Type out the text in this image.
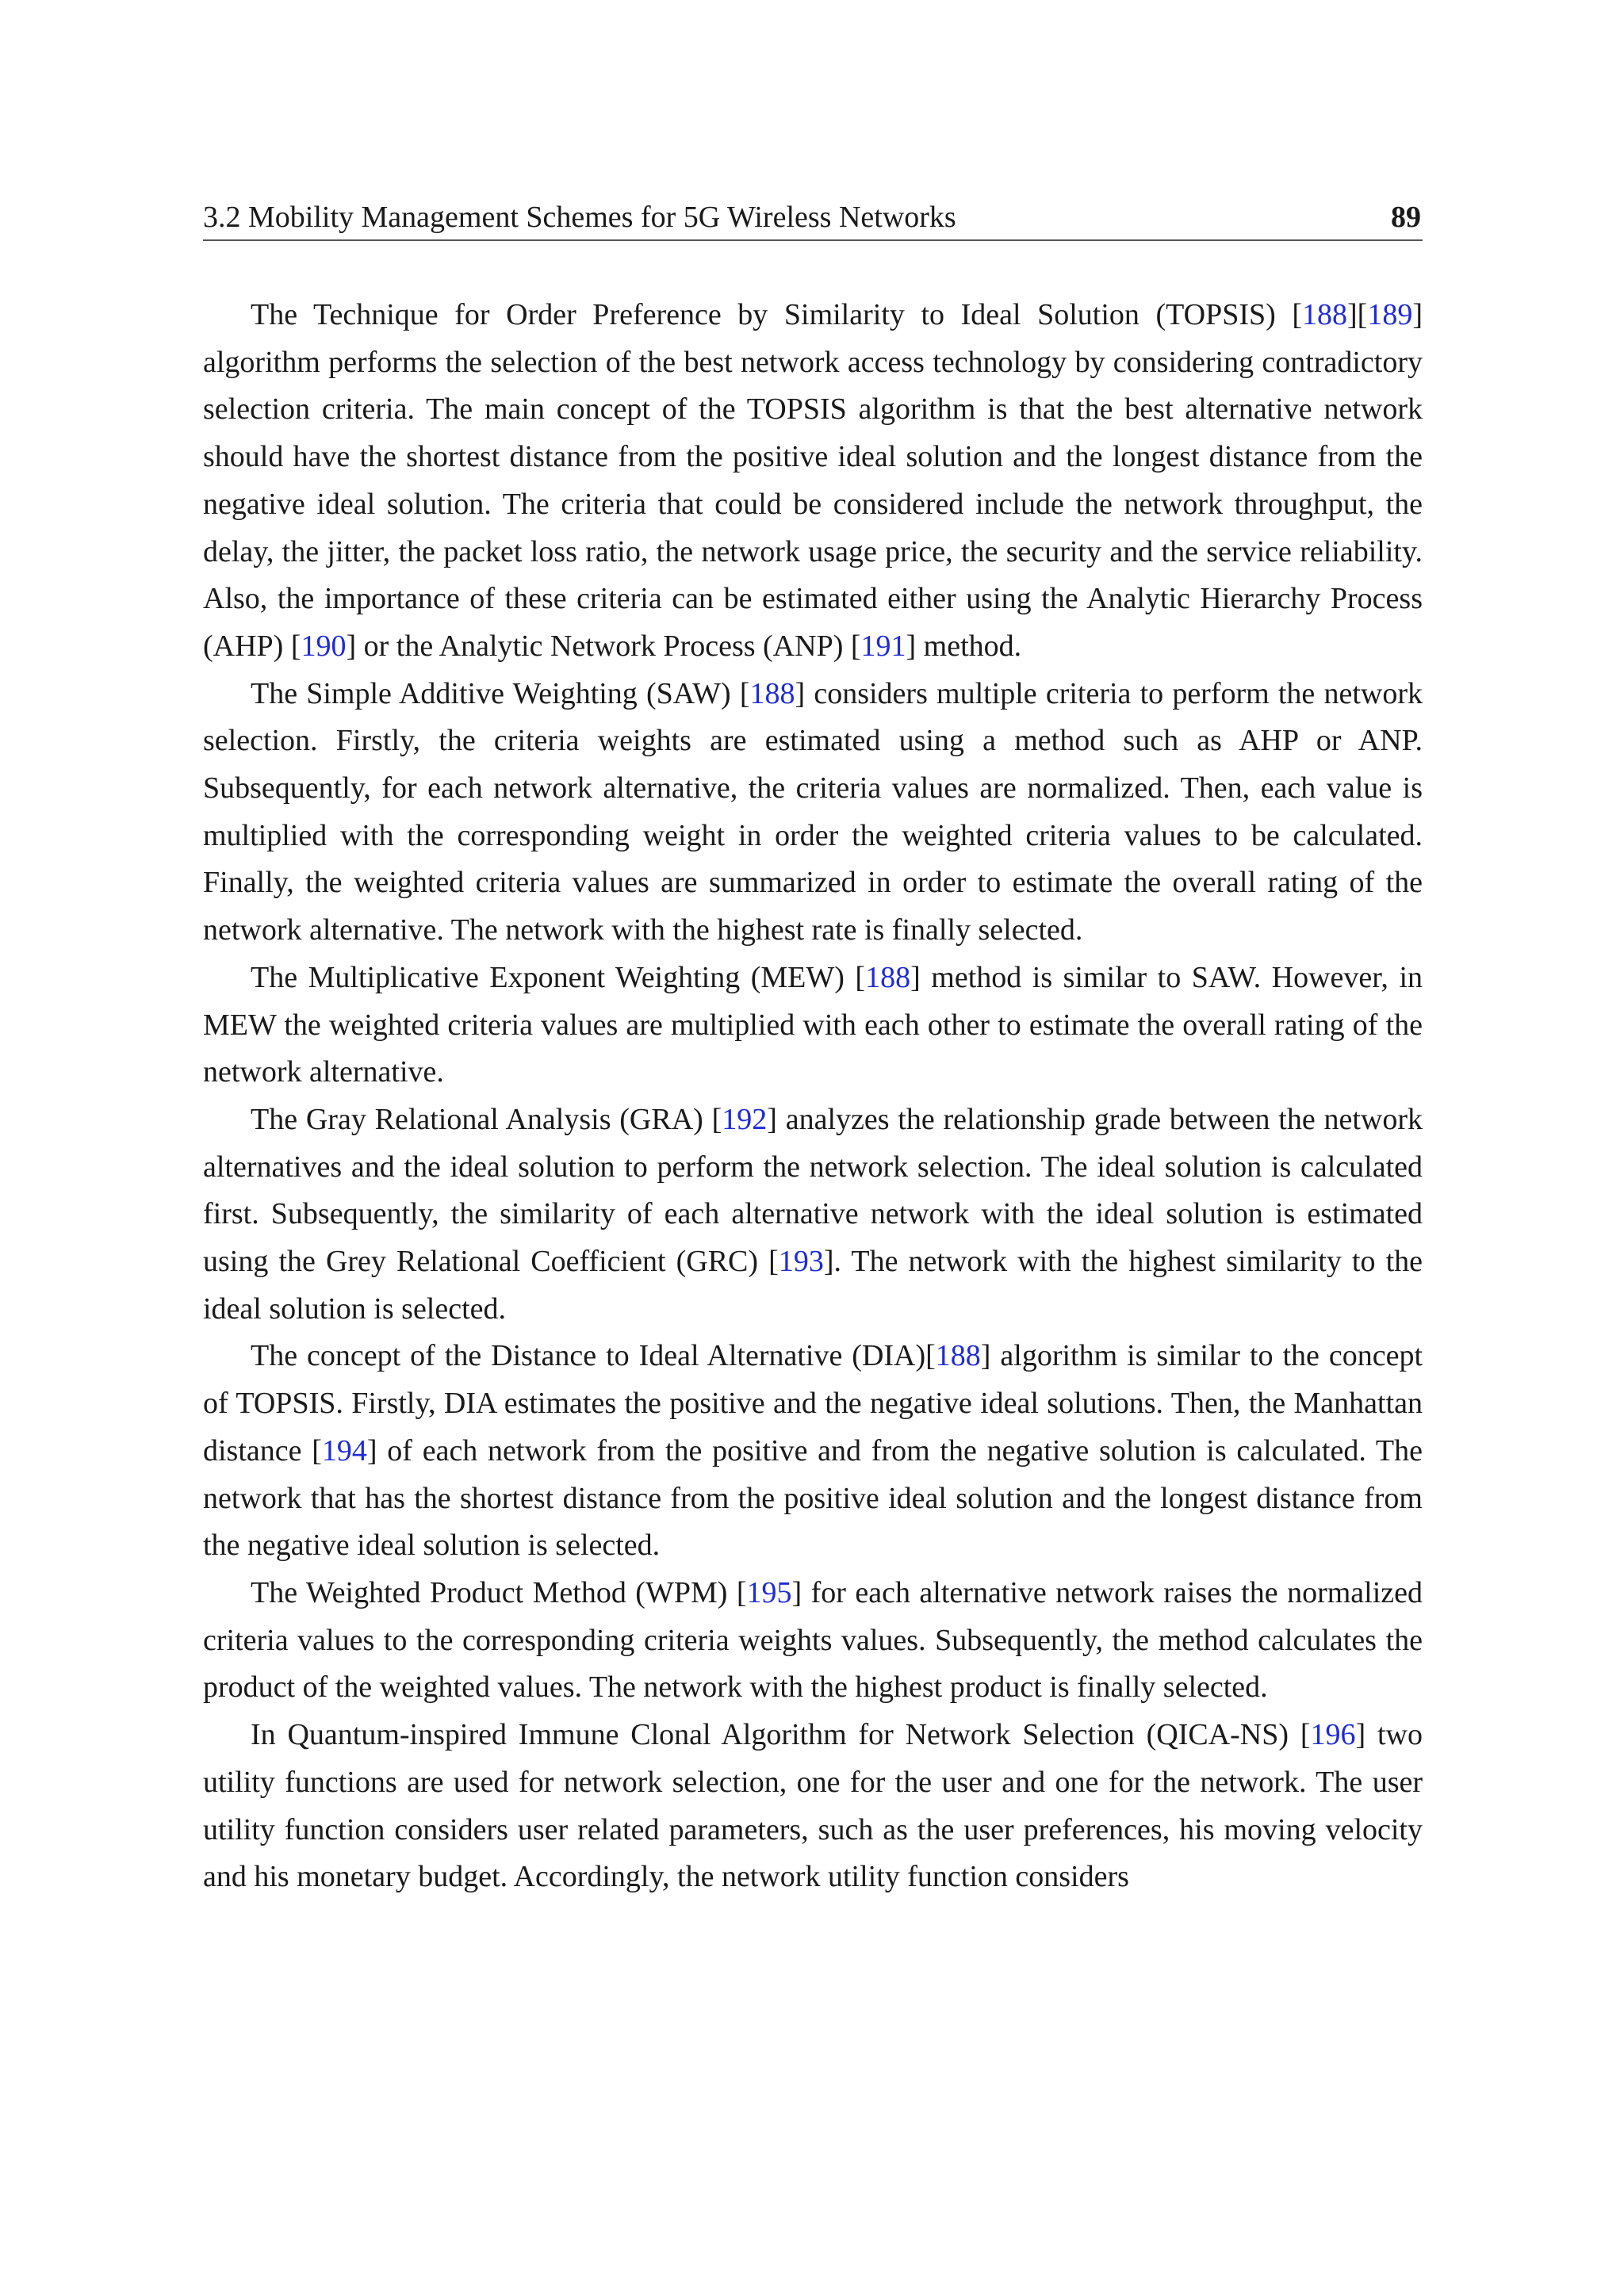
3.2 Mobility Management Schemes for 5G Wireless Networks	89

The Technique for Order Preference by Similarity to Ideal Solution (TOPSIS) [188][189] algorithm performs the selection of the best network access technology by considering contradictory selection criteria. The main concept of the TOPSIS algorithm is that the best alternative network should have the shortest distance from the positive ideal solution and the longest distance from the negative ideal solution. The criteria that could be considered include the network throughput, the delay, the jitter, the packet loss ratio, the network usage price, the security and the service reliability. Also, the importance of these criteria can be estimated either using the Analytic Hierarchy Process (AHP) [190] or the Analytic Network Process (ANP) [191] method.

The Simple Additive Weighting (SAW) [188] considers multiple criteria to perform the network selection. Firstly, the criteria weights are estimated using a method such as AHP or ANP. Subsequently, for each network alternative, the criteria values are normalized. Then, each value is multiplied with the corresponding weight in order the weighted criteria values to be calculated. Finally, the weighted criteria values are summarized in order to estimate the overall rating of the network alternative. The network with the highest rate is finally selected.

The Multiplicative Exponent Weighting (MEW) [188] method is similar to SAW. However, in MEW the weighted criteria values are multiplied with each other to estimate the overall rating of the network alternative.

The Gray Relational Analysis (GRA) [192] analyzes the relationship grade between the network alternatives and the ideal solution to perform the network selection. The ideal solution is calculated first. Subsequently, the similarity of each alternative network with the ideal solution is estimated using the Grey Relational Coefficient (GRC) [193]. The network with the highest similarity to the ideal solution is selected.

The concept of the Distance to Ideal Alternative (DIA)[188] algorithm is similar to the concept of TOPSIS. Firstly, DIA estimates the positive and the negative ideal solutions. Then, the Manhattan distance [194] of each network from the positive and from the negative solution is calculated. The network that has the shortest distance from the positive ideal solution and the longest distance from the negative ideal solution is selected.

The Weighted Product Method (WPM) [195] for each alternative network raises the normalized criteria values to the corresponding criteria weights values. Subsequently, the method calculates the product of the weighted values. The network with the highest product is finally selected.

In Quantum-inspired Immune Clonal Algorithm for Network Selection (QICA-NS) [196] two utility functions are used for network selection, one for the user and one for the network. The user utility function considers user related parameters, such as the user preferences, his moving velocity and his monetary budget. Accordingly, the network utility function considers
